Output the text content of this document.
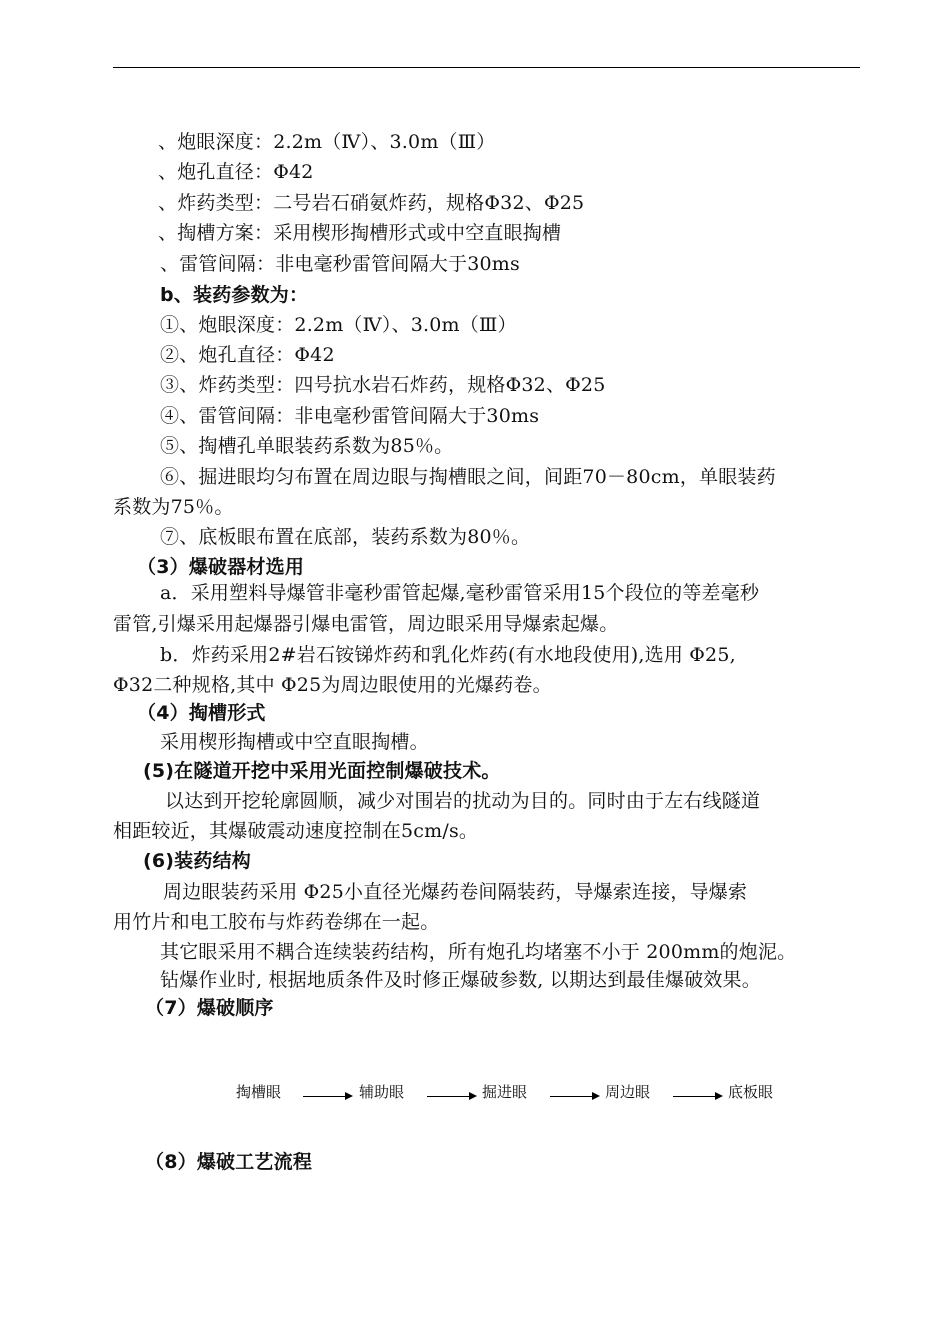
、炮眼深度：2.2m（Ⅳ）、3.0m（Ⅲ）
、炮孔直径：Φ42
、炸药类型：二号岩石硝氨炸药，规格Φ32、Φ25
、掏槽方案：采用楔形掏槽形式或中空直眼掏槽
、雷管间隔：非电毫秒雷管间隔大于30ms
b、装药参数为：
①、炮眼深度：2.2m（Ⅳ）、3.0m（Ⅲ）
②、炮孔直径：Φ42
③、炸药类型：四号抗水岩石炸药，规格Φ32、Φ25
④、雷管间隔：非电毫秒雷管间隔大于30ms
⑤、掏槽孔单眼装药系数为85％。
⑥、掘进眼均匀布置在周边眼与掏槽眼之间，间距70－80cm，单眼装药
系数为75％。
⑦、底板眼布置在底部，装药系数为80％。
（3）爆破器材选用
a．采用塑料导爆管非毫秒雷管起爆,毫秒雷管采用15个段位的等差毫秒
雷管,引爆采用起爆器引爆电雷管，周边眼采用导爆索起爆。
b．炸药采用2#岩石铵锑炸药和乳化炸药(有水地段使用),选用 Φ25,
Φ32二种规格,其中 Φ25为周边眼使用的光爆药卷。
（4）掏槽形式
采用楔形掏槽或中空直眼掏槽。
(5)在隧道开挖中采用光面控制爆破技术。
以达到开挖轮廓圆顺，减少对围岩的扰动为目的。同时由于左右线隧道
相距较近，其爆破震动速度控制在5cm/s。
(6)装药结构
周边眼装药采用 Φ25小直径光爆药卷间隔装药，导爆索连接，导爆索
用竹片和电工胶布与炸药卷绑在一起。
其它眼采用不耦合连续装药结构，所有炮孔均堵塞不小于 200mm的炮泥。
钻爆作业时, 根据地质条件及时修正爆破参数, 以期达到最佳爆破效果。
（7）爆破顺序
掏槽眼	辅助眼	掘进眼	周边眼	底板眼
（8）爆破工艺流程
